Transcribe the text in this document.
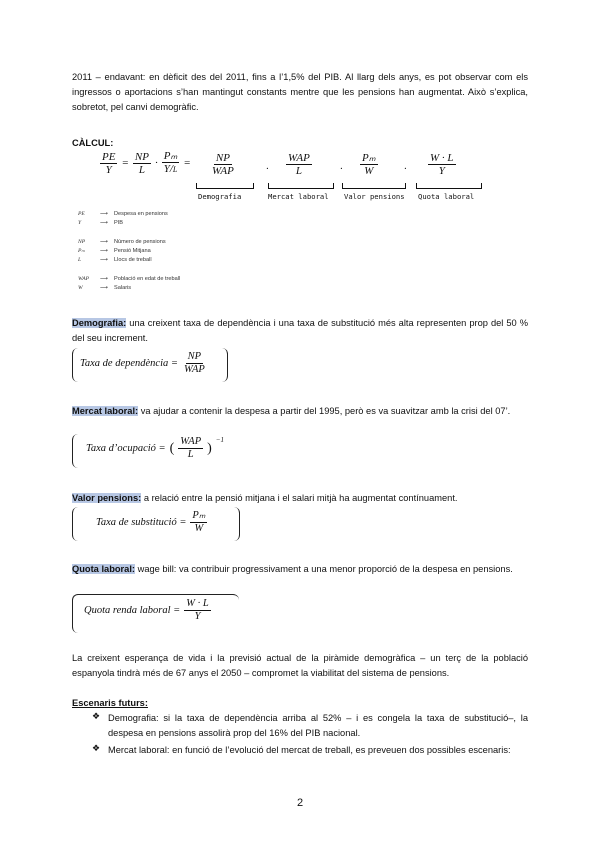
2011 – endavant: en dèficit des del 2011, fins a l’1,5% del PIB. Al llarg dels anys, es pot observar com els ingressos o aportacions s’han mantingut constants mentre que les pensions han augmentat. Això s’explica, sobretot, pel canvi demogràfic.

CÀLCUL:

$\frac{PE}{Y} = \frac{NP}{L} \cdot \frac{\text{Pₘ}}{Y/L} = \frac{NP}{\text{WAP}}$	· $\frac{\text{WAP}}{L}$	· $\frac{\text{Pₘ}}{W}$	· $\frac{W \cdot L}{Y}$
Demografia	Mercat laboral Valor pensions Quota laboral
PE	⟶ Despesa en pensions
Y	⟶ PIB
NP	⟶ Número de pensions
Pₘ	⟶ Pensió Mitjana
L	⟶ Llocs de treball
WAP ⟶ Població en edat de treball
W	⟶ Salaris

Demografia: una creixent taxa de dependència i una taxa de substitució més alta representen prop del 50 % del seu increment.

Taxa de dependència = $\frac{NP}{\text{WAP}}$

Mercat laboral: va ajudar a contenir la despesa a partir del 1995, però es va suavitzar amb la crisi del 07’.

Taxa d’ocupació = ( $\frac{\text{WAP}}{L}$ )
$^{-1}$

Valor pensions: a relació entre la pensió mitjana i el salari mitjà ha augmentat contínuament.

Taxa de substitució = $\frac{\text{Pₘ}}{W}$

Quota laboral: wage bill: va contribuir progressivament a una menor proporció de la despesa en pensions.

Quota renda laboral = $\frac{W \cdot L}{Y}$

La creixent esperança de vida i la previsió actual de la piràmide demogràfica – un terç de la població espanyola tindrà més de 67 anys el 2050 – compromet la viabilitat del sistema de pensions.

Escenaris futurs:

❖ Demografia: si la taxa de dependència arriba al 52% – i es congela la taxa de substitució–, la despesa en pensions assolirà prop del 16% del PIB nacional.

❖ Mercat laboral: en funció de l’evolució del mercat de treball, es preveuen dos possibles escenaris:

2
